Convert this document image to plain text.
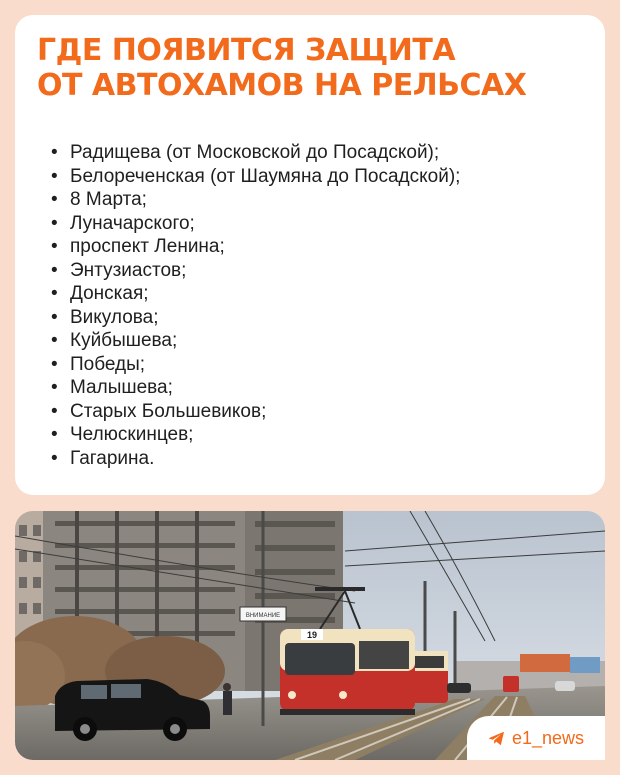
ГДЕ ПОЯВИТСЯ ЗАЩИТА
ОТ АВТОХАМОВ НА РЕЛЬСАХ
• Радищева (от Московской до Посадской);
• Белореченская (от Шаумяна до Посадской);
• 8 Марта;
• Луначарского;
• проспект Ленина;
• Энтузиастов;
• Донская;
• Викулова;
• Куйбышева;
• Победы;
• Малышева;
• Старых Большевиков;
• Челюскинцев;
• Гагарина.
ВНИМАНИЕ
19
e1_news
